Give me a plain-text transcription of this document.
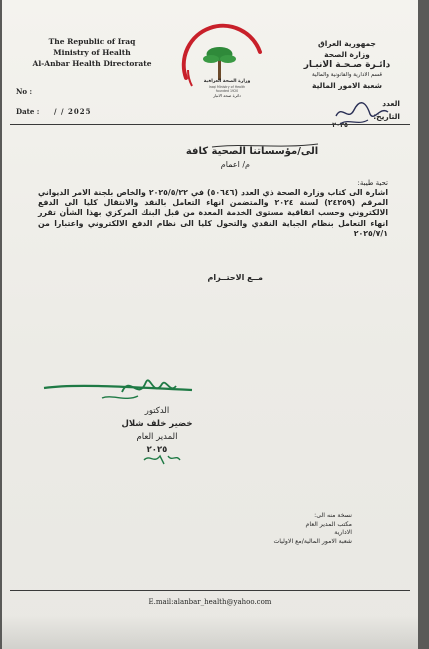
The Republic of Iraq
Ministry of Health
Al-Anbar Health Directorate
No :
Date : / / 2025
وزارة الصحة العراقية
Iraqi Ministry of Health
founded 1920
دائرة صحة الانبار
جمهورية العراق
وزارة الصحة
دائـرة صـحـة الانبـار
قسم الادارية والقانونية والمالية
شعبة الامور المالية
العدد
التاريخ:
٢٠٢٥
الى/مؤسساتنا الصحية كافة
م/ اعمام
تحية طيبة:
اشارة الى كتاب وزارة الصحة ذي العدد (٥٠٦٤٦) في ٢٠٢٥/٥/٢٢ والخاص بلجنة الامر الديواني المرقم (٢٤٢٥٩) لسنة ٢٠٢٤ والمتضمن انهاء التعامل بالنقد والانتقال كليا الى الدفع الالكتروني وحسب اتفاقية مستوى الخدمة المعدة من قبل البنك المركزي بهذا الشأن تقرر انهاء التعامل بنظام الجباية النقدي والتحول كليا الى نظام الدفع الالكتروني واعتبارا من ٢٠٢٥/٧/١
مــع الاحتــرام
الدكتور
خضير خلف شلال
المدير العام
٢٠٢٥
نسخة منه الى:
مكتب المدير العام
الادارية
شعبة الامور المالية/مع الاوليات
E.mail:alanbar_health@yahoo.com
